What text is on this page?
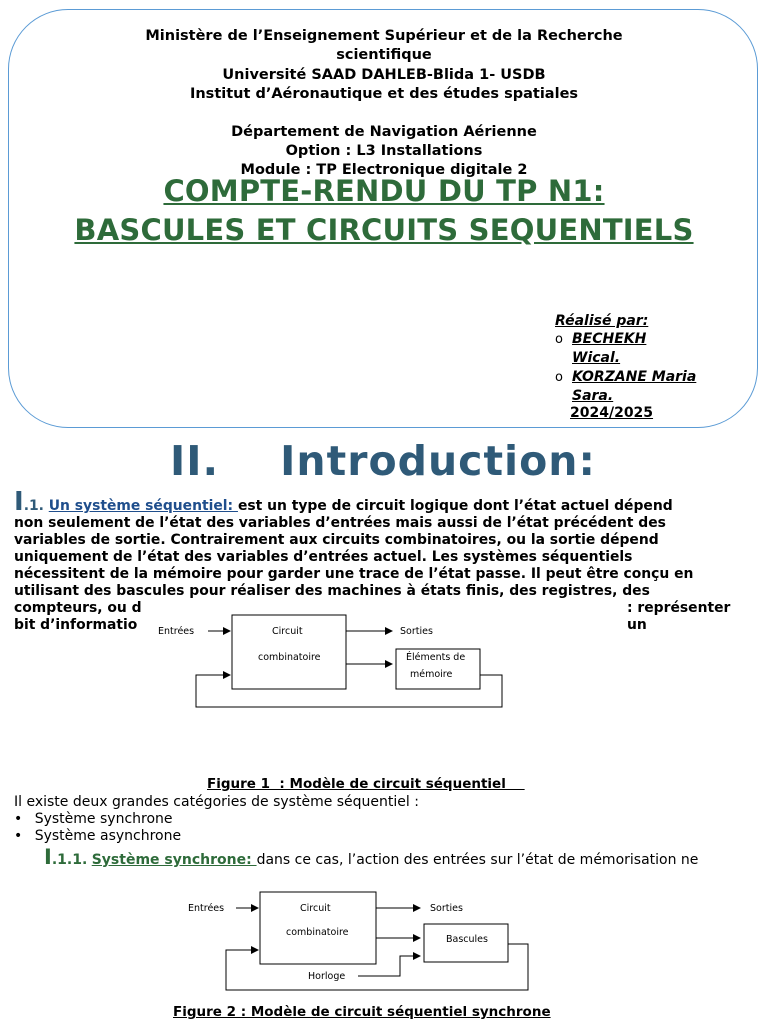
Ministère de l’Enseignement Supérieur et de la Recherche
scientifique
Université SAAD DAHLEB-Blida 1- USDB
Institut d’Aéronautique et des études spatiales
Département de Navigation Aérienne
Option : L3 Installations
Module : TP Electronique digitale 2
COMPTE-RENDU DU TP N1:
BASCULES ET CIRCUITS SEQUENTIELS
Réalisé par:
o BECHEKH
Wical.
o KORZANE Maria
Sara.
2024/2025
II.    Introduction:
I.1. Un système séquentiel: est un type de circuit logique dont l’état actuel dépend
non seulement de l’état des variables d’entrées mais aussi de l’état précédent des
variables de sortie. Contrairement aux circuits combinatoires, ou la sortie dépend
uniquement de l’état des variables d’entrées actuel. Les systèmes séquentiels
nécessitent de la mémoire pour garder une trace de l’état passe. Il peut être conçu en
utilisant des bascules pour réaliser des machines à états finis, des registres, des
compteurs, ou d	: représenter un
bit d’informatio	Entrées	Circuit
combinatoire
Sorties
Éléments de
mémoire
Figure 1  : Modèle de circuit séquentiel
Il existe deux grandes catégories de système séquentiel :
• Système synchrone
• Système asynchrone
I.1.1. Système synchrone: dans ce cas, l’action des entrées sur l’état de mémorisation ne
Entrées	Circuit
combinatoire
Sorties
Bascules
Horloge
Figure 2 : Modèle de circuit séquentiel synchrone
